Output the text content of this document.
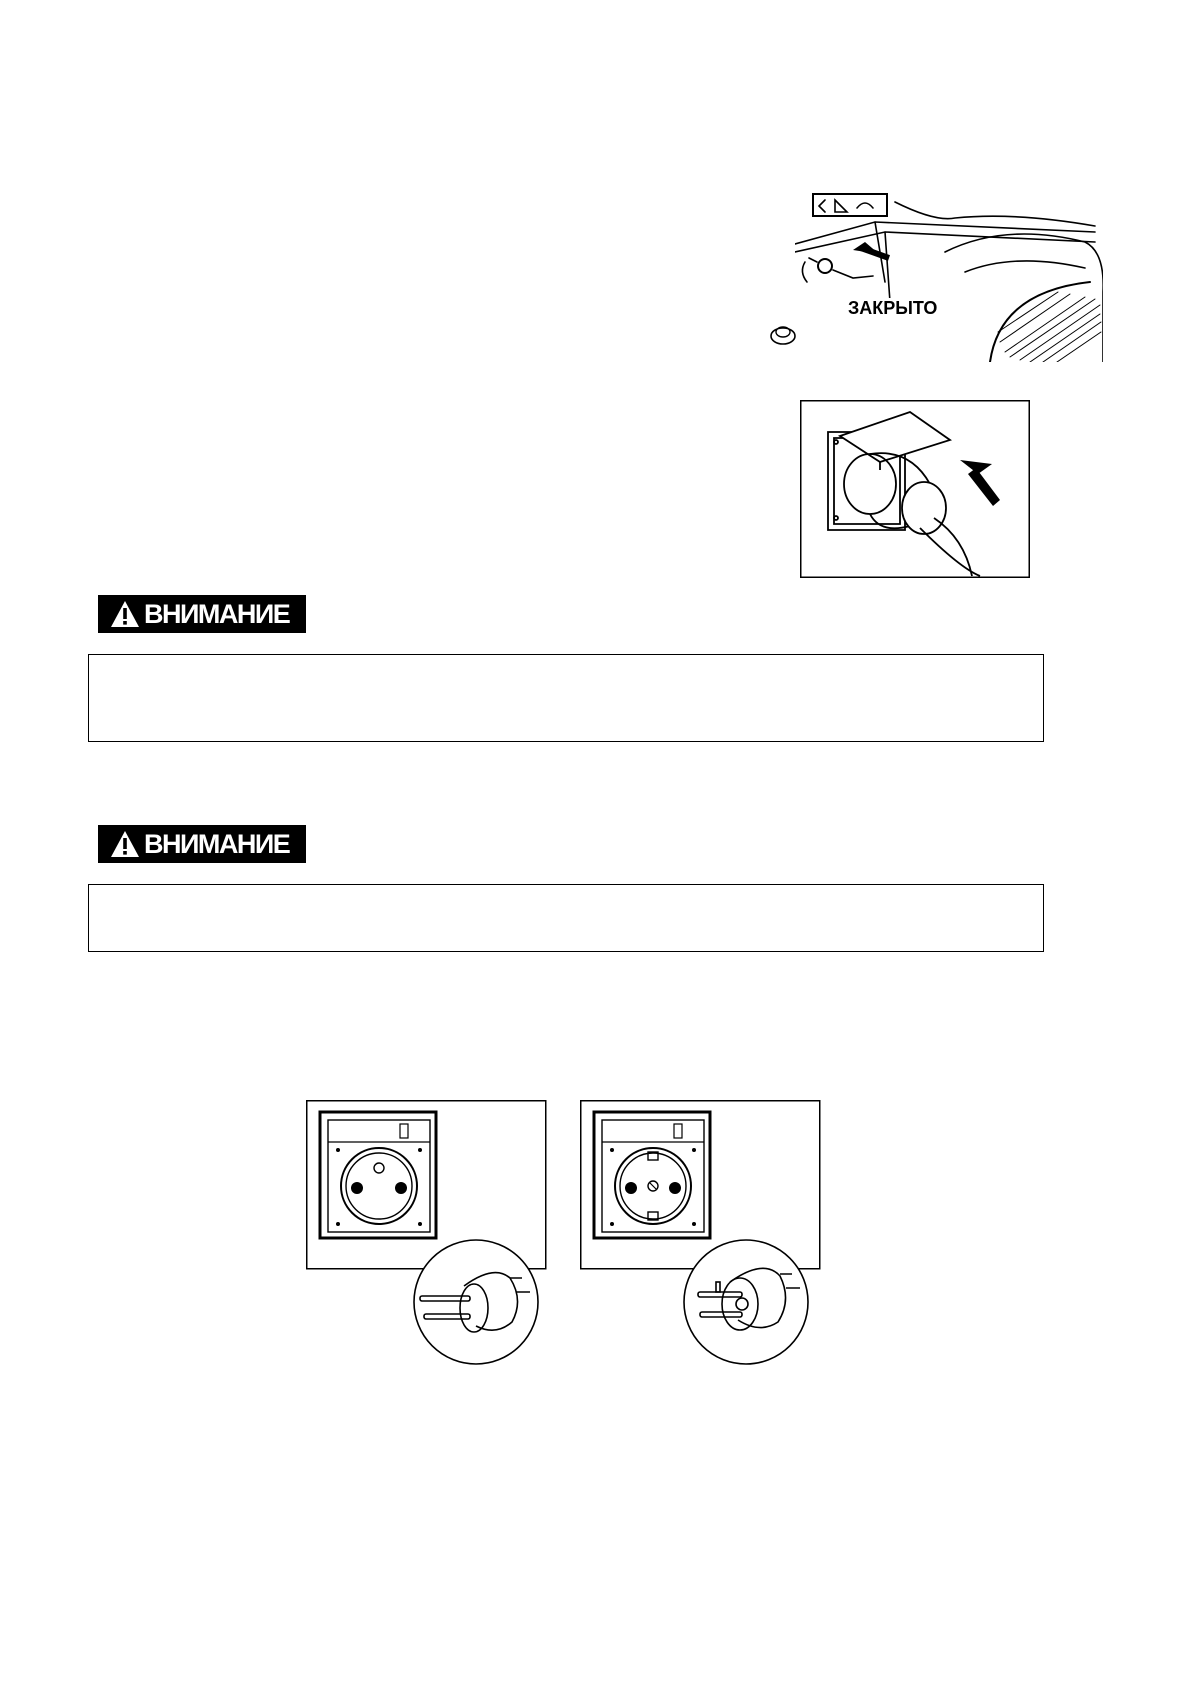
ЗАКРЫТО
ВНИМАНИЕ
ВНИМАНИЕ
